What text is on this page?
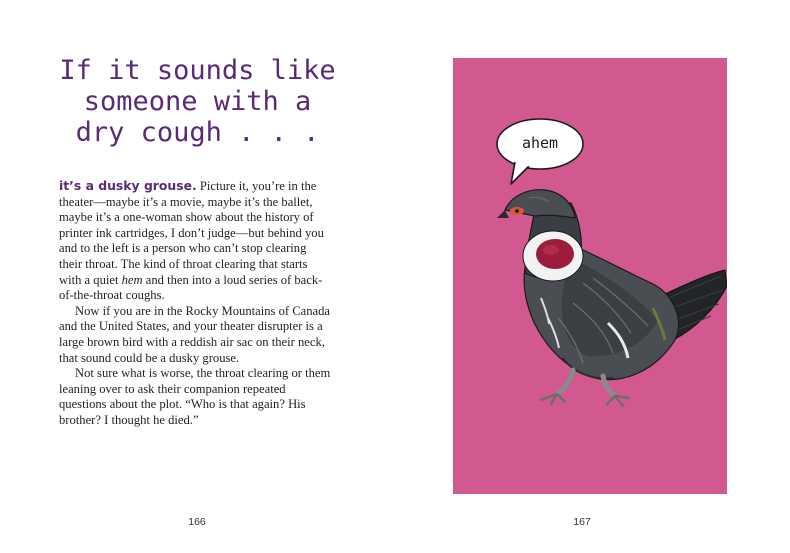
If it sounds like
someone with a
dry cough . . .

it’s a dusky grouse. Picture it, you’re in the theater—maybe it’s a movie, maybe it’s the ballet, maybe it’s a one-woman show about the history of printer ink cartridges, I don’t judge—but behind you and to the left is a person who can’t stop clearing their throat. The kind of throat clearing that starts with a quiet hem and then into a loud series of back-of-the-throat coughs.

Now if you are in the Rocky Mountains of Canada and the United States, and your theater disrupter is a large brown bird with a reddish air sac on their neck, that sound could be a dusky grouse.

Not sure what is worse, the throat clearing or them leaning over to ask their companion repeated questions about the plot. “Who is that again? His brother? I thought he died.”

166

ahem

167
